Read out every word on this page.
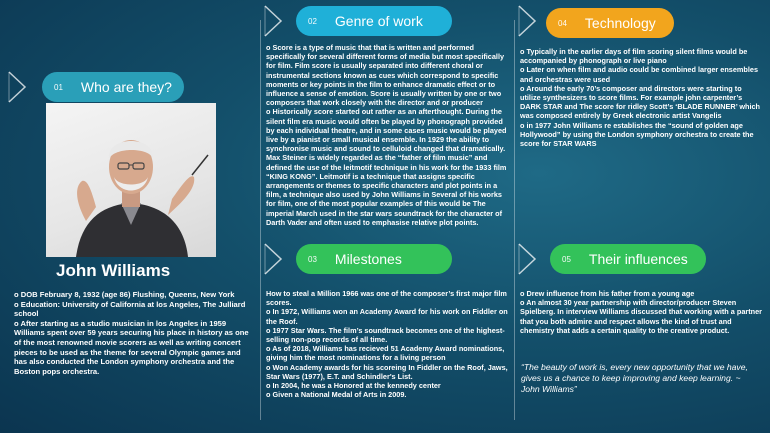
01 Who are they?
02 Genre of work	04 Technology
03 Milestones	05 Their influences
John Williams

o DOB February 8, 1932 (age 86) Flushing, Queens, New York

o Education: University of California at los Angeles, The Julliard school

o After starting as a studio musician in los Angeles in 1959 Williams spent over 59 years securing his place in history as one of the most renowned movie scorers as well as writing concert pieces to be used as the theme for several Olympic games and has also conducted the London symphony orchestra and the Boston pops orchestra.

o Score is a type of music that that is written and performed specifically for several different forms of media but most specifically for film. Film score is usually separated into different choral or instrumental sections known as cues which correspond to specific moments or key points in the film to enhance dramatic effect or to influence a sense of emotion. Score is usually written by one or two composers that work closely with the director and or producer

o Historically score started out rather as an afterthought. During the silent film era music would often be played by phonograph provided by each individual theatre, and in some cases music would be played live by a pianist or small musical ensemble. In 1929 the ability to synchronise music and sound to celluloid changed that dramatically. Max Steiner is widely regarded as the “father of film music” and defined the use of the leitmotif technique in his work for the 1933 film “KING KONG”. Leitmotif is a technique that assigns specific arrangements or themes to specific characters and plot points in a film, a technique also used by John Williams in Several of his works for film, one of the most popular examples of this would be The imperial March used in the star wars soundtrack for the character of Darth Vader and often used to emphasise relative plot points.

o Typically in the earlier days of film scoring silent films would be accompanied by phonograph or live piano

o Later on when film and audio could be combined larger ensembles and orchestras were used

o Around the early 70’s composer and directors were starting to utilize synthesizers to score films. For example john carpenter’s DARK STAR and The score for ridley Scott’s ‘BLADE RUNNER’ which was composed entirely by Greek electronic artist Vangelis

o in 1977 John Williams re establishes the “sound of golden age Hollywood” by using the London symphony orchestra to create the score for STAR WARS

How to steal a Million 1966 was one of the composer’s first major film scores.

o In 1972, Williams won an Academy Award for his work on Fiddler on the Roof.

o 1977 Star Wars. The film’s soundtrack becomes one of the highest-selling non-pop records of all time.

o As of 2018, Williams has recieved 51 Academy Award nominations, giving him the most nominations for a living person

o Won Academy awards for his scoreing In Fiddler on the Roof, Jaws, Star Wars (1977), E.T. and Schindler's List.

o In 2004, he was a Honored at the kennedy center

o Given a National Medal of Arts in 2009.

o Drew influence from his father from a young age

o An almost 30 year partnership with director/producer Steven Spielberg. In interview Williams discussed that working with a partner that you both admire and respect allows the kind of trust and chemistry that adds a certain quality to the creative product.

“The beauty of work is, every new opportunity that we have, gives us a chance to keep improving and keep learning. ~ John Williams”
